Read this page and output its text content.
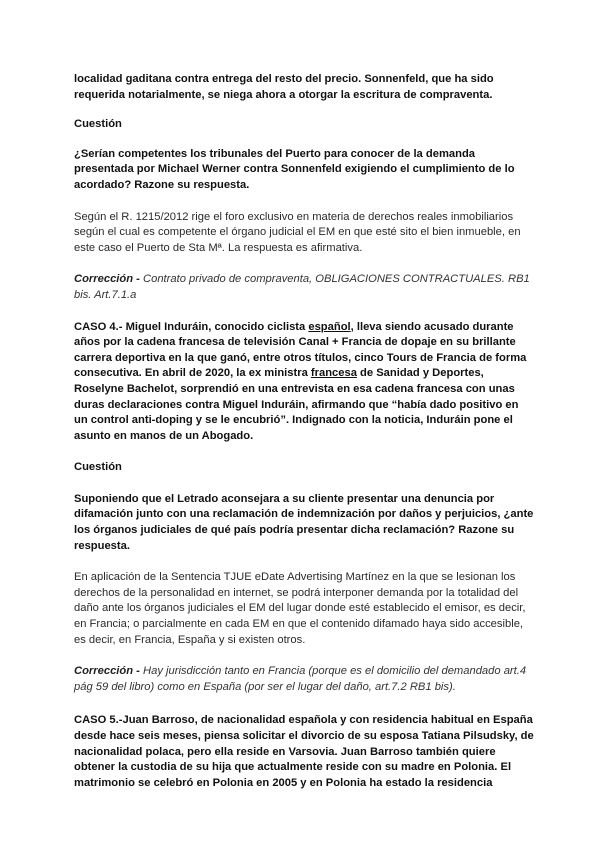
localidad gaditana contra entrega del resto del precio. Sonnenfeld, que ha sido requerida notarialmente, se niega ahora a otorgar la escritura de compraventa.

Cuestión

¿Serían competentes los tribunales del Puerto para conocer de la demanda presentada por Michael Werner contra Sonnenfeld exigiendo el cumplimiento de lo acordado? Razone su respuesta.

Según el R. 1215/2012 rige el foro exclusivo en materia de derechos reales inmobiliarios según el cual es competente el órgano judicial el EM en que esté sito el bien inmueble, en este caso el Puerto de Sta Mª. La respuesta es afirmativa.

Corrección - Contrato privado de compraventa, OBLIGACIONES CONTRACTUALES. RB1 bis. Art.7.1.a

CASO 4.- Miguel Induráin, conocido ciclista español, lleva siendo acusado durante años por la cadena francesa de televisión Canal + Francia de dopaje en su brillante carrera deportiva en la que ganó, entre otros títulos, cinco Tours de Francia de forma consecutiva. En abril de 2020, la ex ministra francesa de Sanidad y Deportes, Roselyne Bachelot, sorprendió en una entrevista en esa cadena francesa con unas duras declaraciones contra Miguel Induráin, afirmando que “había dado positivo en un control anti-doping y se le encubrió”. Indignado con la noticia, Induráin pone el asunto en manos de un Abogado.

Cuestión

Suponiendo que el Letrado aconsejara a su cliente presentar una denuncia por difamación junto con una reclamación de indemnización por daños y perjuicios, ¿ante los órganos judiciales de qué país podría presentar dicha reclamación? Razone su respuesta.

En aplicación de la Sentencia TJUE eDate Advertising Martínez en la que se lesionan los derechos de la personalidad en internet, se podrá interponer demanda por la totalidad del daño ante los órganos judiciales el EM del lugar donde esté establecido el emisor, es decir, en Francia; o parcialmente en cada EM en que el contenido difamado haya sido accesible, es decir, en Francia, España y si existen otros.

Corrección - Hay jurisdicción tanto en Francia (porque es el domicilio del demandado art.4 pág 59 del libro) como en España (por ser el lugar del daño, art.7.2 RB1 bis).

CASO 5.-Juan Barroso, de nacionalidad española y con residencia habitual en España desde hace seis meses, piensa solicitar el divorcio de su esposa Tatiana Pilsudsky, de nacionalidad polaca, pero ella reside en Varsovia. Juan Barroso también quiere obtener la custodia de su hija que actualmente reside con su madre en Polonia. El matrimonio se celebró en Polonia en 2005 y en Polonia ha estado la residencia
